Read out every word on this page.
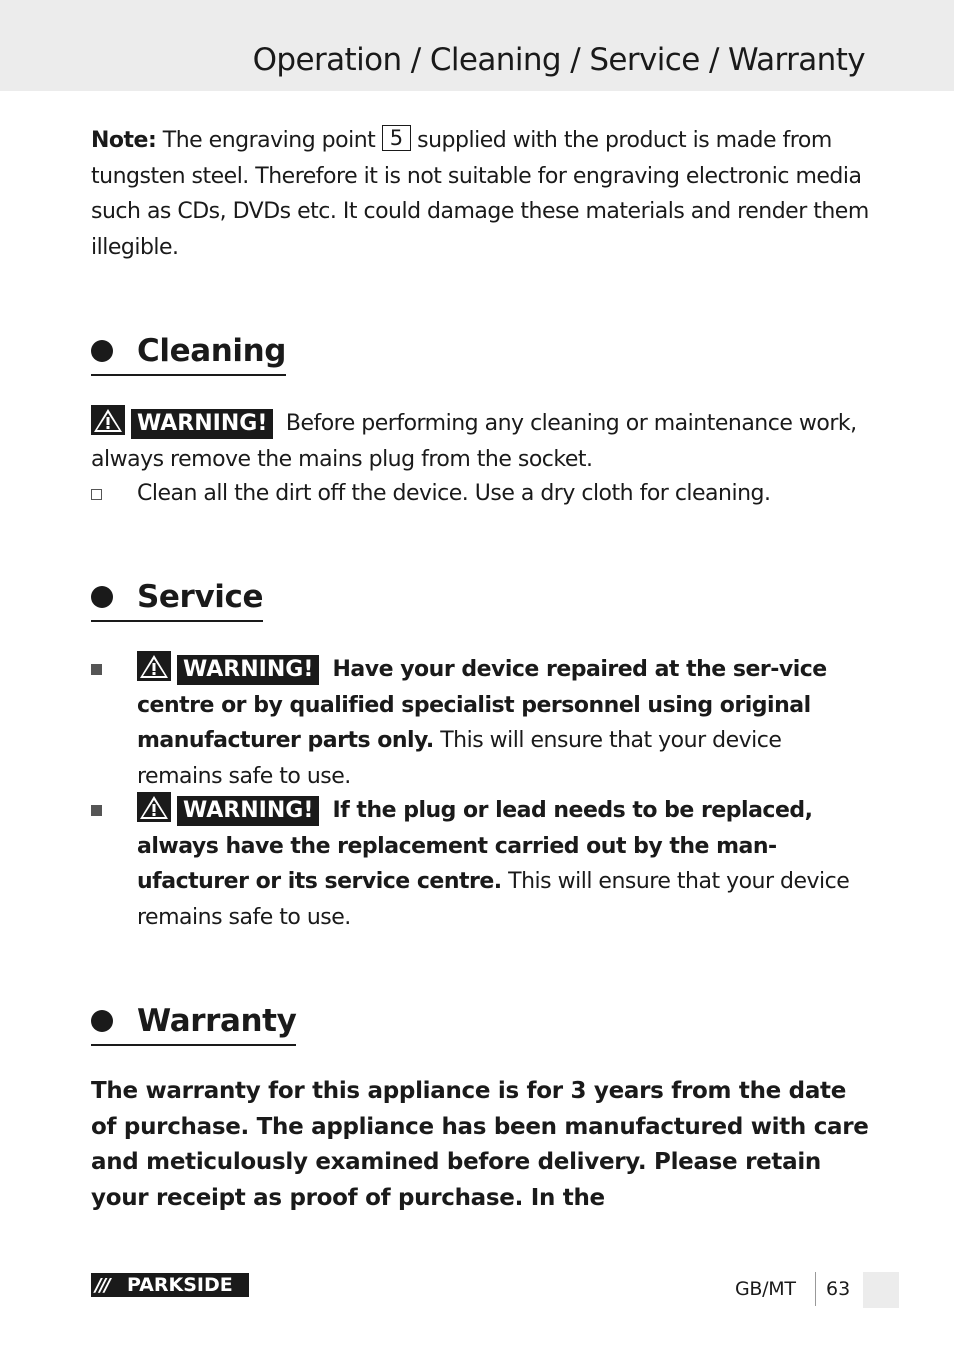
Operation / Cleaning / Service / Warranty

Note: The engraving point 5 supplied with the product is made from tungsten steel. Therefore it is not suitable for engraving electronic media such as CDs, DVDs etc. It could damage these materials and render them illegible.

Cleaning

WARNING! Before performing any cleaning or maintenance work, always remove the mains plug from the socket.

Clean all the dirt off the device. Use a dry cloth for cleaning.
Service
WARNING! Have your device repaired at the ser-vice centre or by qualified specialist personnel using original manufacturer parts only. This will ensure that your device remains safe to use.
WARNING! If the plug or lead needs to be replaced, always have the replacement carried out by the man-ufacturer or its service centre. This will ensure that your device remains safe to use.
Warranty

The warranty for this appliance is for 3 years from the date of purchase. The appliance has been manufactured with care and meticulously examined before delivery. Please retain your receipt as proof of purchase. In the

/// PARKSIDE	GB/MT 63
